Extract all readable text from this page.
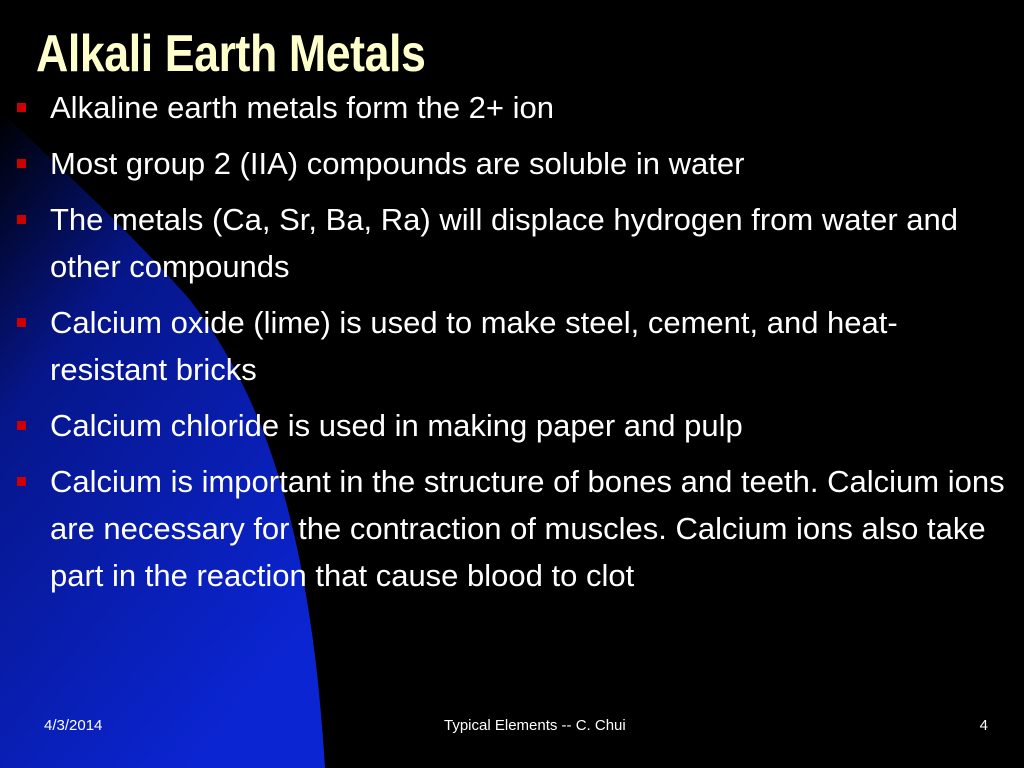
Alkali Earth Metals
Alkaline earth metals form the 2+ ion
Most group 2 (IIA) compounds are soluble in water
The metals (Ca, Sr, Ba, Ra) will displace hydrogen from water and other compounds
Calcium oxide (lime) is used to make steel, cement, and heat-resistant bricks
Calcium chloride is used in making paper and pulp
Calcium is important in the structure of bones and teeth. Calcium ions are necessary for the contraction of muscles. Calcium ions also take part in the reaction that cause blood to clot
4/3/2014	Typical Elements -- C. Chui	4
